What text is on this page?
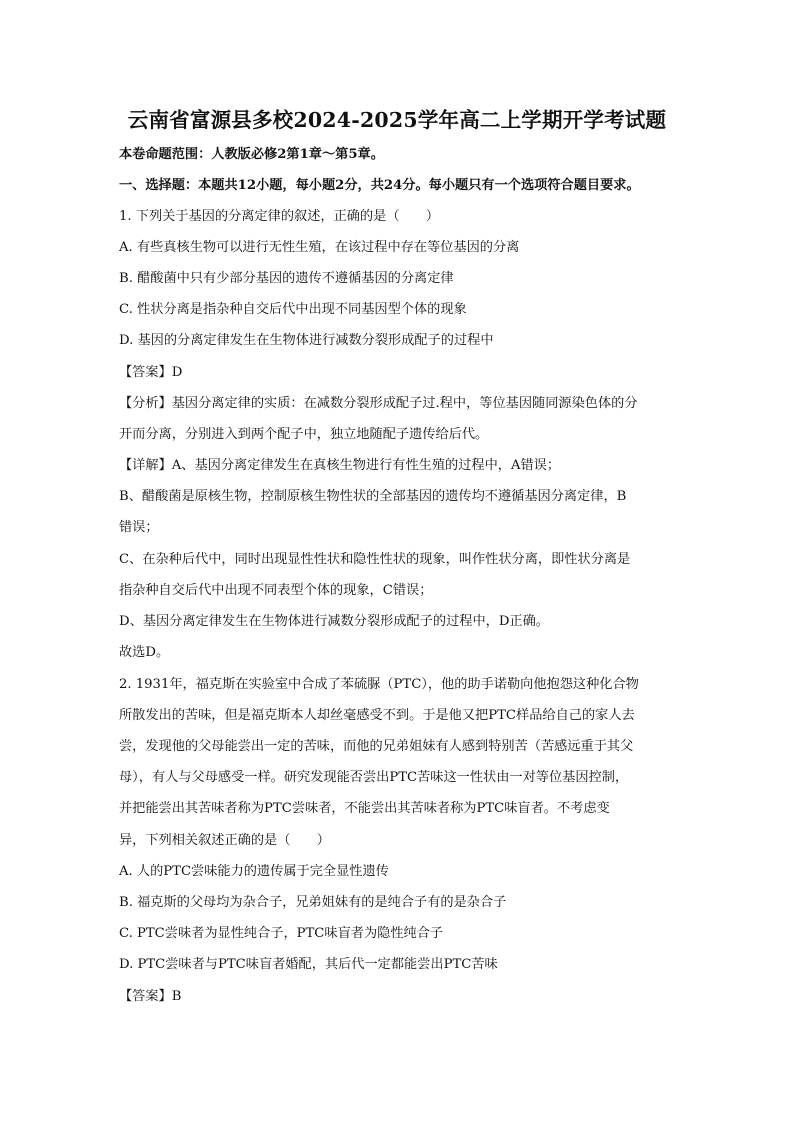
云南省富源县多校2024-2025学年高二上学期开学考试题
本卷命题范围：人教版必修2第1章～第5章。
一、选择题：本题共12小题，每小题2分，共24分。每小题只有一个选项符合题目要求。
1. 下列关于基因的分离定律的叙述，正确的是（　　）
A. 有些真核生物可以进行无性生殖，在该过程中存在等位基因的分离
B. 醋酸菌中只有少部分基因的遗传不遵循基因的分离定律
C. 性状分离是指杂种自交后代中出现不同基因型个体的现象
D. 基因的分离定律发生在生物体进行减数分裂形成配子的过程中
【答案】D
【分析】基因分离定律的实质：在减数分裂形成配子过.程中，等位基因随同源染色体的分
开而分离，分别进入到两个配子中，独立地随配子遗传给后代。
【详解】A、基因分离定律发生在真核生物进行有性生殖的过程中，A错误；
B、醋酸菌是原核生物，控制原核生物性状的全部基因的遗传均不遵循基因分离定律，B
错误；
C、在杂种后代中，同时出现显性性状和隐性性状的现象，叫作性状分离，即性状分离是
指杂种自交后代中出现不同表型个体的现象，C错误；
D、基因分离定律发生在生物体进行减数分裂形成配子的过程中，D正确。
故选D。
2. 1931年，福克斯在实验室中合成了苯硫脲（PTC），他的助手诺勒向他抱怨这种化合物
所散发出的苦味，但是福克斯本人却丝毫感受不到。于是他又把PTC样品给自己的家人去
尝，发现他的父母能尝出一定的苦味，而他的兄弟姐妹有人感到特别苦（苦感远重于其父
母），有人与父母感受一样。研究发现能否尝出PTC苦味这一性状由一对等位基因控制，
并把能尝出其苦味者称为PTC尝味者，不能尝出其苦味者称为PTC味盲者。不考虑变
异，下列相关叙述正确的是（　　）
A. 人的PTC尝味能力的遗传属于完全显性遗传
B. 福克斯的父母均为杂合子，兄弟姐妹有的是纯合子有的是杂合子
C. PTC尝味者为显性纯合子，PTC味盲者为隐性纯合子
D. PTC尝味者与PTC味盲者婚配，其后代一定都能尝出PTC苦味
【答案】B
